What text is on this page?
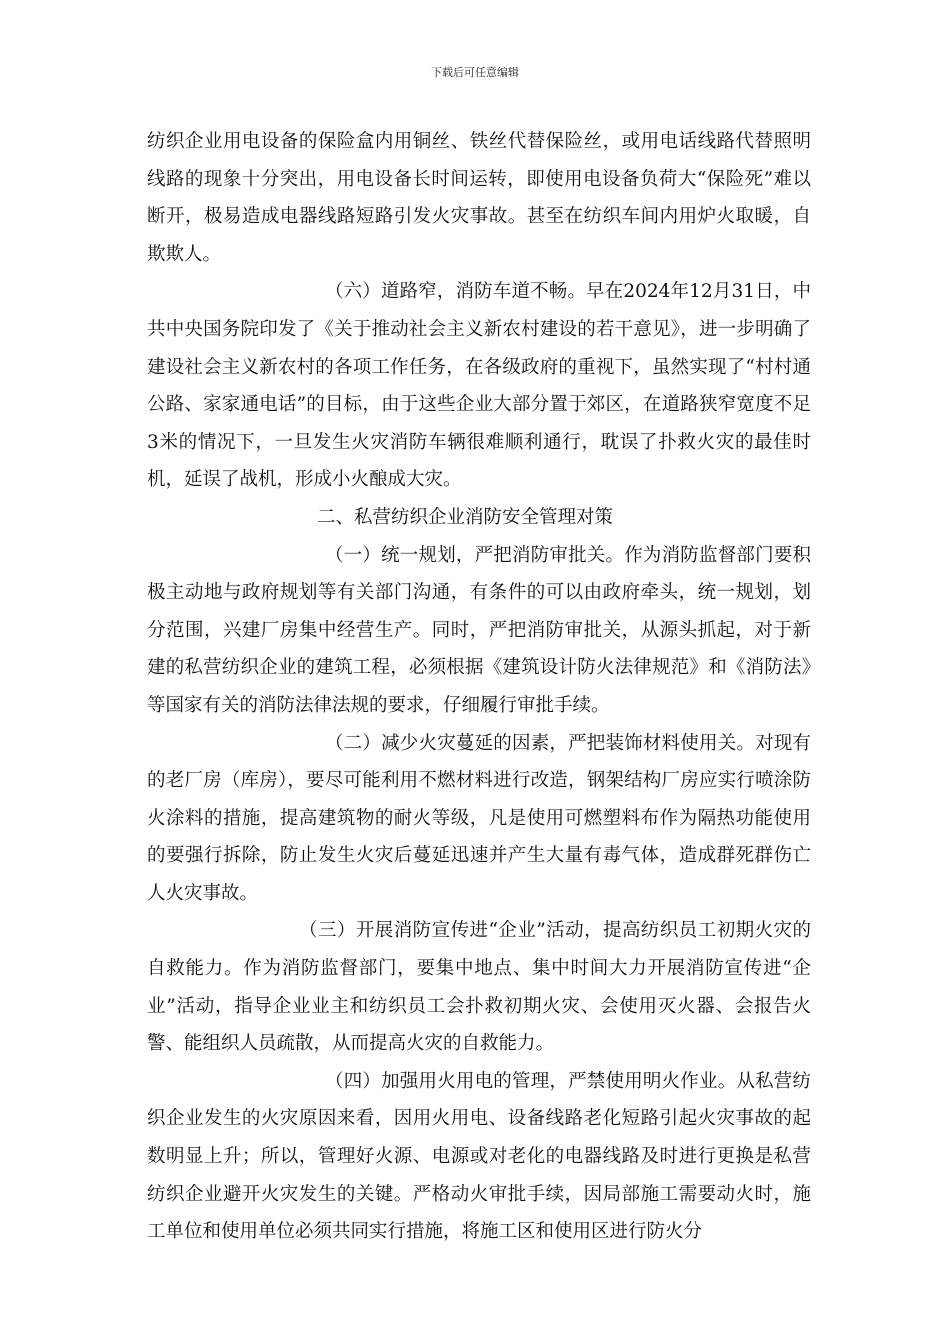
下载后可任意编辑

纺织企业用电设备的保险盒内用铜丝、铁丝代替保险丝，或用电话线路代替照明线路的现象十分突出，用电设备长时间运转，即使用电设备负荷大“保险死”难以断开，极易造成电器线路短路引发火灾事故。甚至在纺织车间内用炉火取暖，自欺欺人。

（六）道路窄，消防车道不畅。早在2024年12月31日，中共中央国务院印发了《关于推动社会主义新农村建设的若干意见》，进一步明确了建设社会主义新农村的各项工作任务，在各级政府的重视下，虽然实现了“村村通公路、家家通电话”的目标，由于这些企业大部分置于郊区，在道路狭窄宽度不足3米的情况下，一旦发生火灾消防车辆很难顺利通行，耽误了扑救火灾的最佳时机，延误了战机，形成小火酿成大灾。

二、私营纺织企业消防安全管理对策

（一）统一规划，严把消防审批关。作为消防监督部门要积极主动地与政府规划等有关部门沟通，有条件的可以由政府牵头，统一规划，划分范围，兴建厂房集中经营生产。同时，严把消防审批关，从源头抓起，对于新建的私营纺织企业的建筑工程，必须根据《建筑设计防火法律规范》和《消防法》等国家有关的消防法律法规的要求，仔细履行审批手续。

（二）减少火灾蔓延的因素，严把装饰材料使用关。对现有的老厂房（库房），要尽可能利用不燃材料进行改造，钢架结构厂房应实行喷涂防火涂料的措施，提高建筑物的耐火等级，凡是使用可燃塑料布作为隔热功能使用的要强行拆除，防止发生火灾后蔓延迅速并产生大量有毒气体，造成群死群伤亡人火灾事故。

（三）开展消防宣传进“企业”活动，提高纺织员工初期火灾的自救能力。作为消防监督部门，要集中地点、集中时间大力开展消防宣传进“企业”活动，指导企业业主和纺织员工会扑救初期火灾、会使用灭火器、会报告火警、能组织人员疏散，从而提高火灾的自救能力。

（四）加强用火用电的管理，严禁使用明火作业。从私营纺织企业发生的火灾原因来看，因用火用电、设备线路老化短路引起火灾事故的起数明显上升；所以，管理好火源、电源或对老化的电器线路及时进行更换是私营纺织企业避开火灾发生的关键。严格动火审批手续，因局部施工需要动火时，施工单位和使用单位必须共同实行措施，将施工区和使用区进行防火分
